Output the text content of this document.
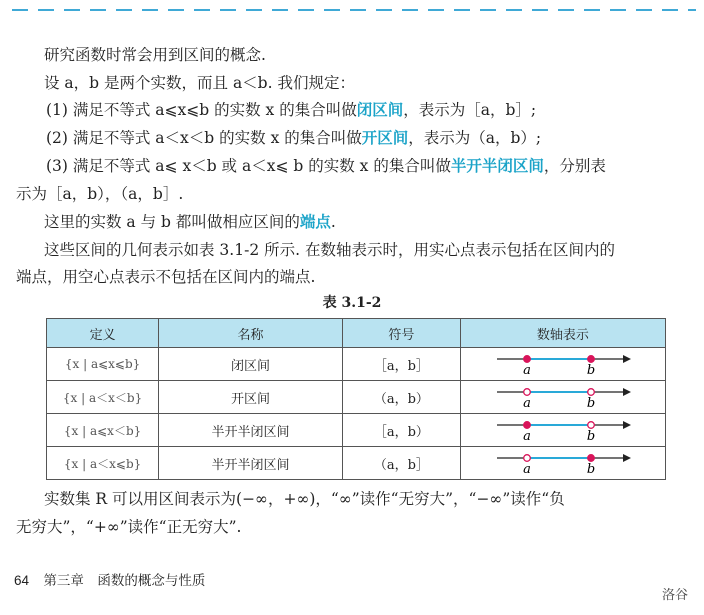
研究函数时常会用到区间的概念.
设 a，b 是两个实数，而且 a＜b. 我们规定：
(1) 满足不等式 a⩽x⩽b 的实数 x 的集合叫做闭区间，表示为［a，b］;
(2) 满足不等式 a＜x＜b 的实数 x 的集合叫做开区间，表示为（a，b）;
(3) 满足不等式 a⩽ x＜b 或 a＜x⩽ b 的实数 x 的集合叫做半开半闭区间，分别表
示为［a，b），（a，b］.
这里的实数 a 与 b 都叫做相应区间的端点.
这些区间的几何表示如表 3.1-2 所示. 在数轴表示时，用实心点表示包括在区间内的
端点，用空心点表示不包括在区间内的端点.
表 3.1-2
定义	名称	符号	数轴表示
{x | a⩽x⩽b}	闭区间	［a，b］	a b

{x | a＜x＜b}	开区间	（a，b）	a b

{x | a⩽x＜b}	半开半闭区间	［a，b）	a b

{x | a＜x⩽b}	半开半闭区间	（a，b］	a b
实数集 R 可以用区间表示为(−∞，+∞)，“∞”读作“无穷大”，“−∞”读作“负
无穷大”，“+∞”读作“正无穷大”.
64 第三章　函数的概念与性质
洛谷
